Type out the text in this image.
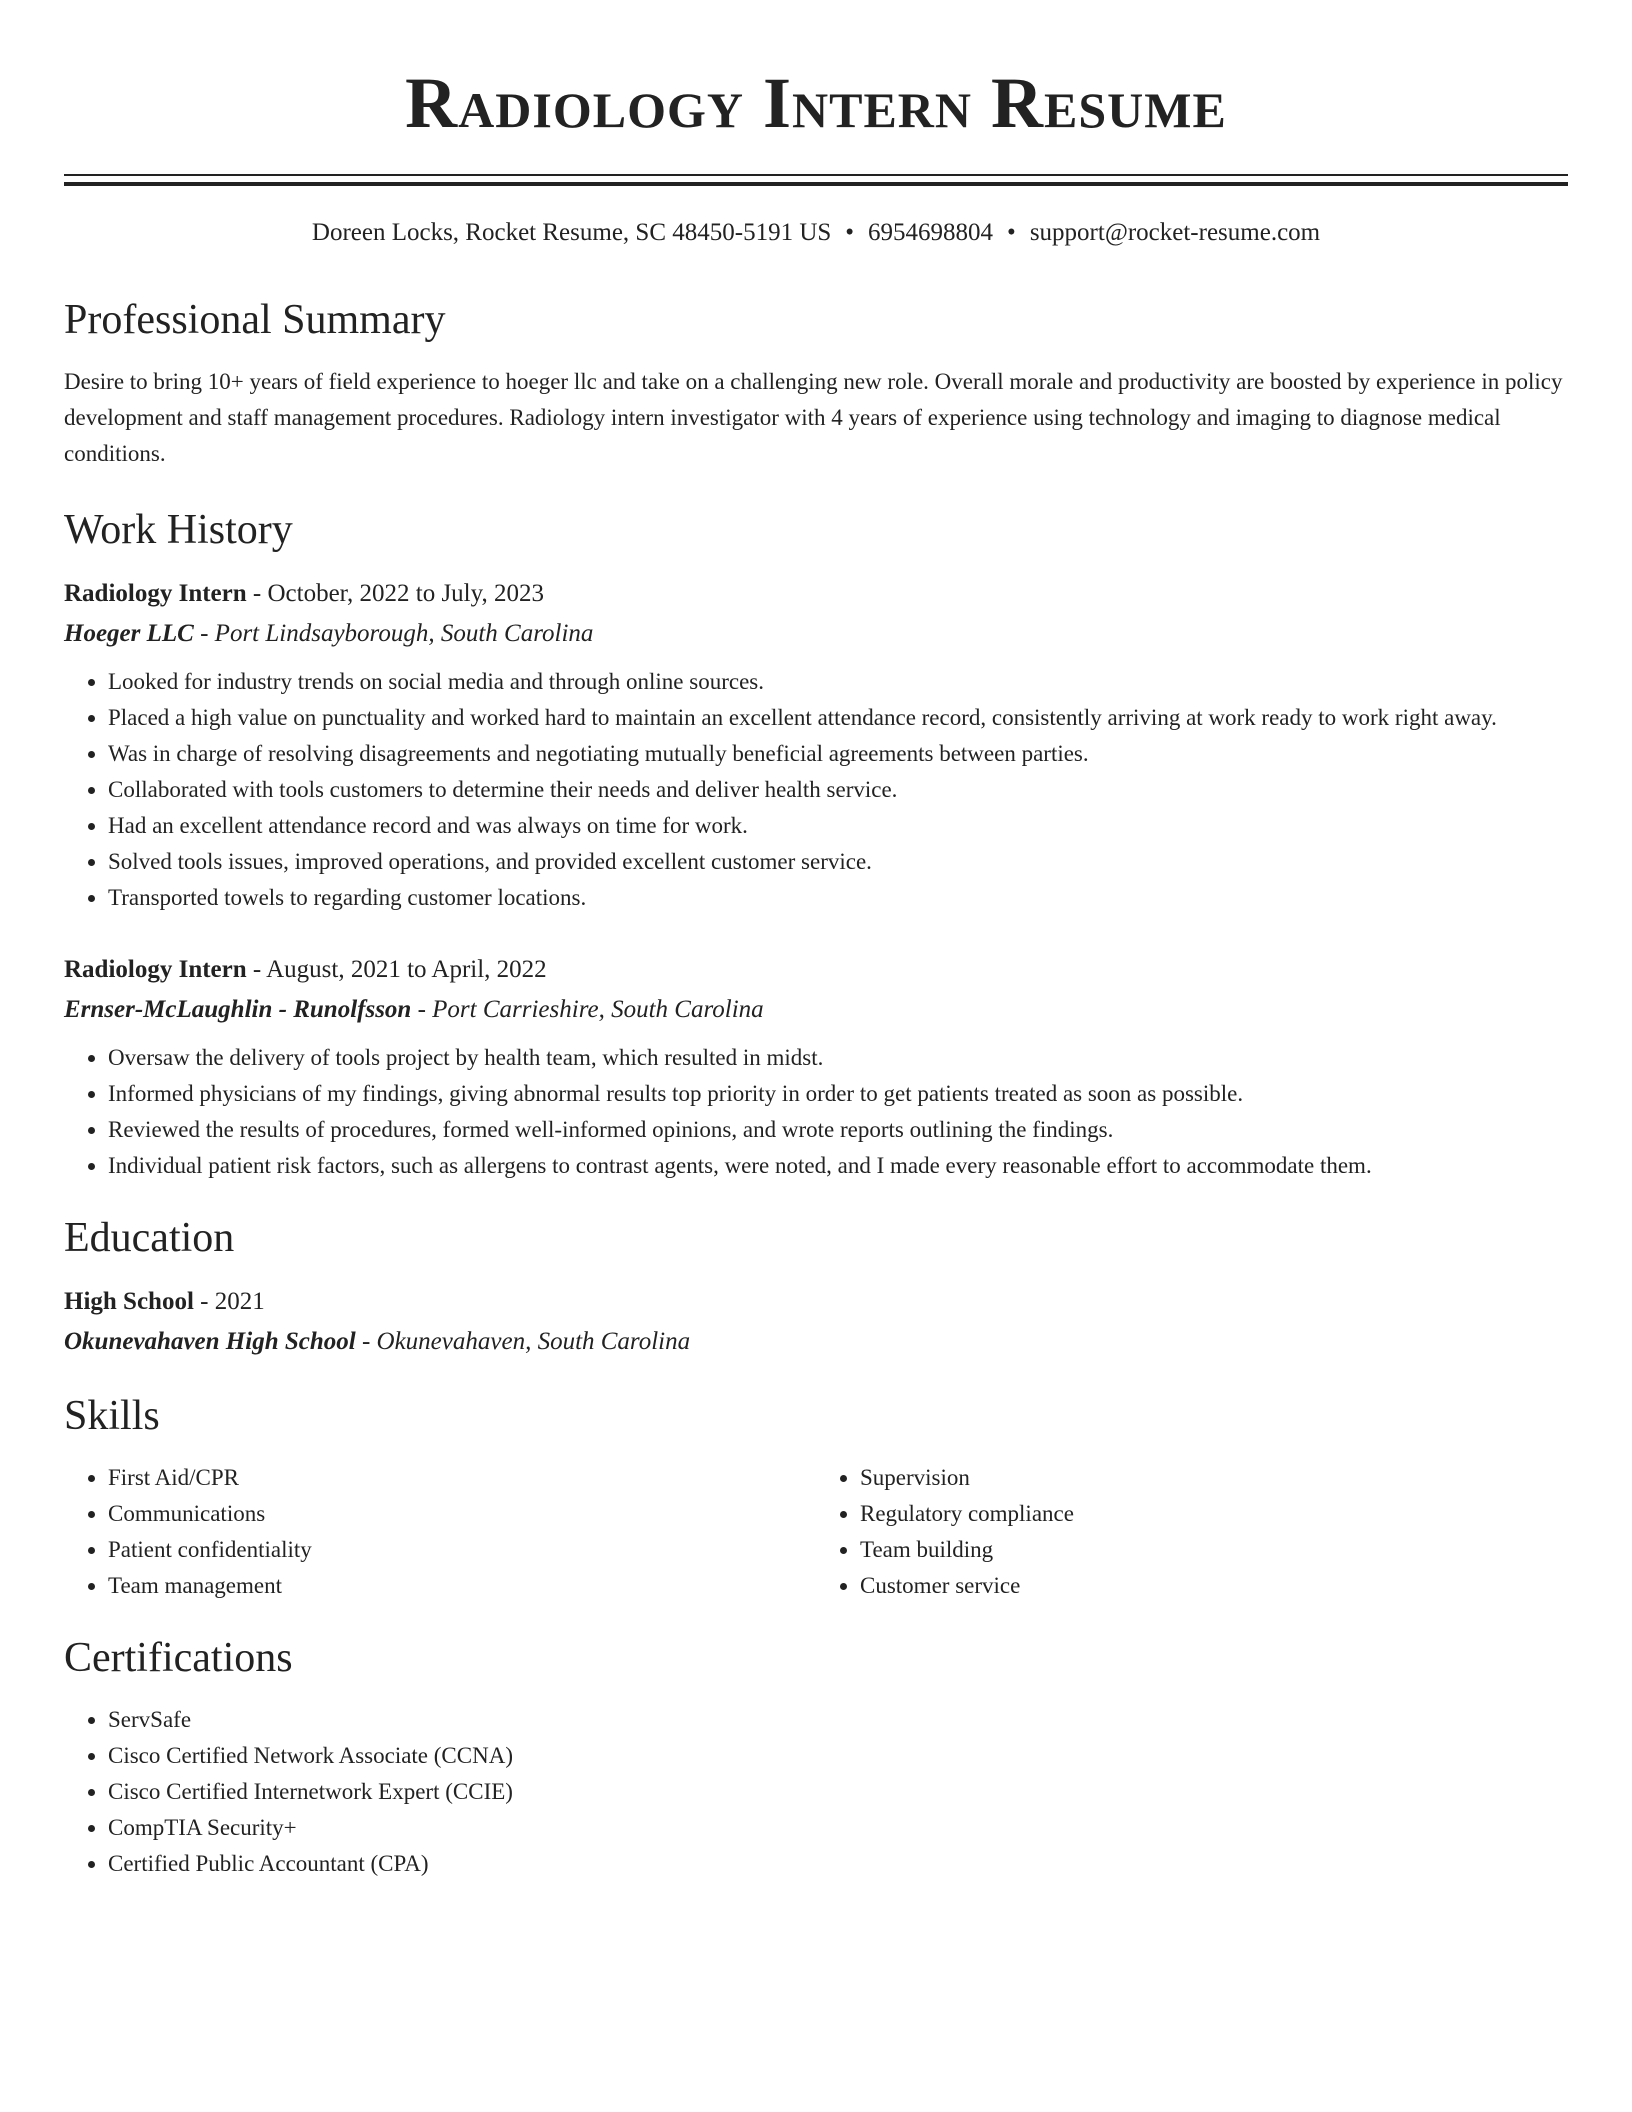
Radiology Intern Resume
Doreen Locks, Rocket Resume, SC 48450-5191 US • 6954698804 • support@rocket-resume.com
Professional Summary

Desire to bring 10+ years of field experience to hoeger llc and take on a challenging new role. Overall morale and productivity are boosted by experience in policy development and staff management procedures. Radiology intern investigator with 4 years of experience using technology and imaging to diagnose medical conditions.

Work History
Radiology Intern - October, 2022 to July, 2023
Hoeger LLC - Port Lindsayborough, South Carolina
• Looked for industry trends on social media and through online sources.
• Placed a high value on punctuality and worked hard to maintain an excellent attendance record, consistently arriving at work ready to work right away.
• Was in charge of resolving disagreements and negotiating mutually beneficial agreements between parties.
• Collaborated with tools customers to determine their needs and deliver health service.
• Had an excellent attendance record and was always on time for work.
• Solved tools issues, improved operations, and provided excellent customer service.
• Transported towels to regarding customer locations.
Radiology Intern - August, 2021 to April, 2022
Ernser-McLaughlin - Runolfsson - Port Carrieshire, South Carolina
• Oversaw the delivery of tools project by health team, which resulted in midst.
• Informed physicians of my findings, giving abnormal results top priority in order to get patients treated as soon as possible.
• Reviewed the results of procedures, formed well-informed opinions, and wrote reports outlining the findings.
• Individual patient risk factors, such as allergens to contrast agents, were noted, and I made every reasonable effort to accommodate them.
Education
High School - 2021
Okunevahaven High School - Okunevahaven, South Carolina
Skills
• First Aid/CPR
• Communications
• Patient confidentiality
• Team management
• Supervision
• Regulatory compliance
• Team building
• Customer service
Certifications
• ServSafe
• Cisco Certified Network Associate (CCNA)
• Cisco Certified Internetwork Expert (CCIE)
• CompTIA Security+
• Certified Public Accountant (CPA)
